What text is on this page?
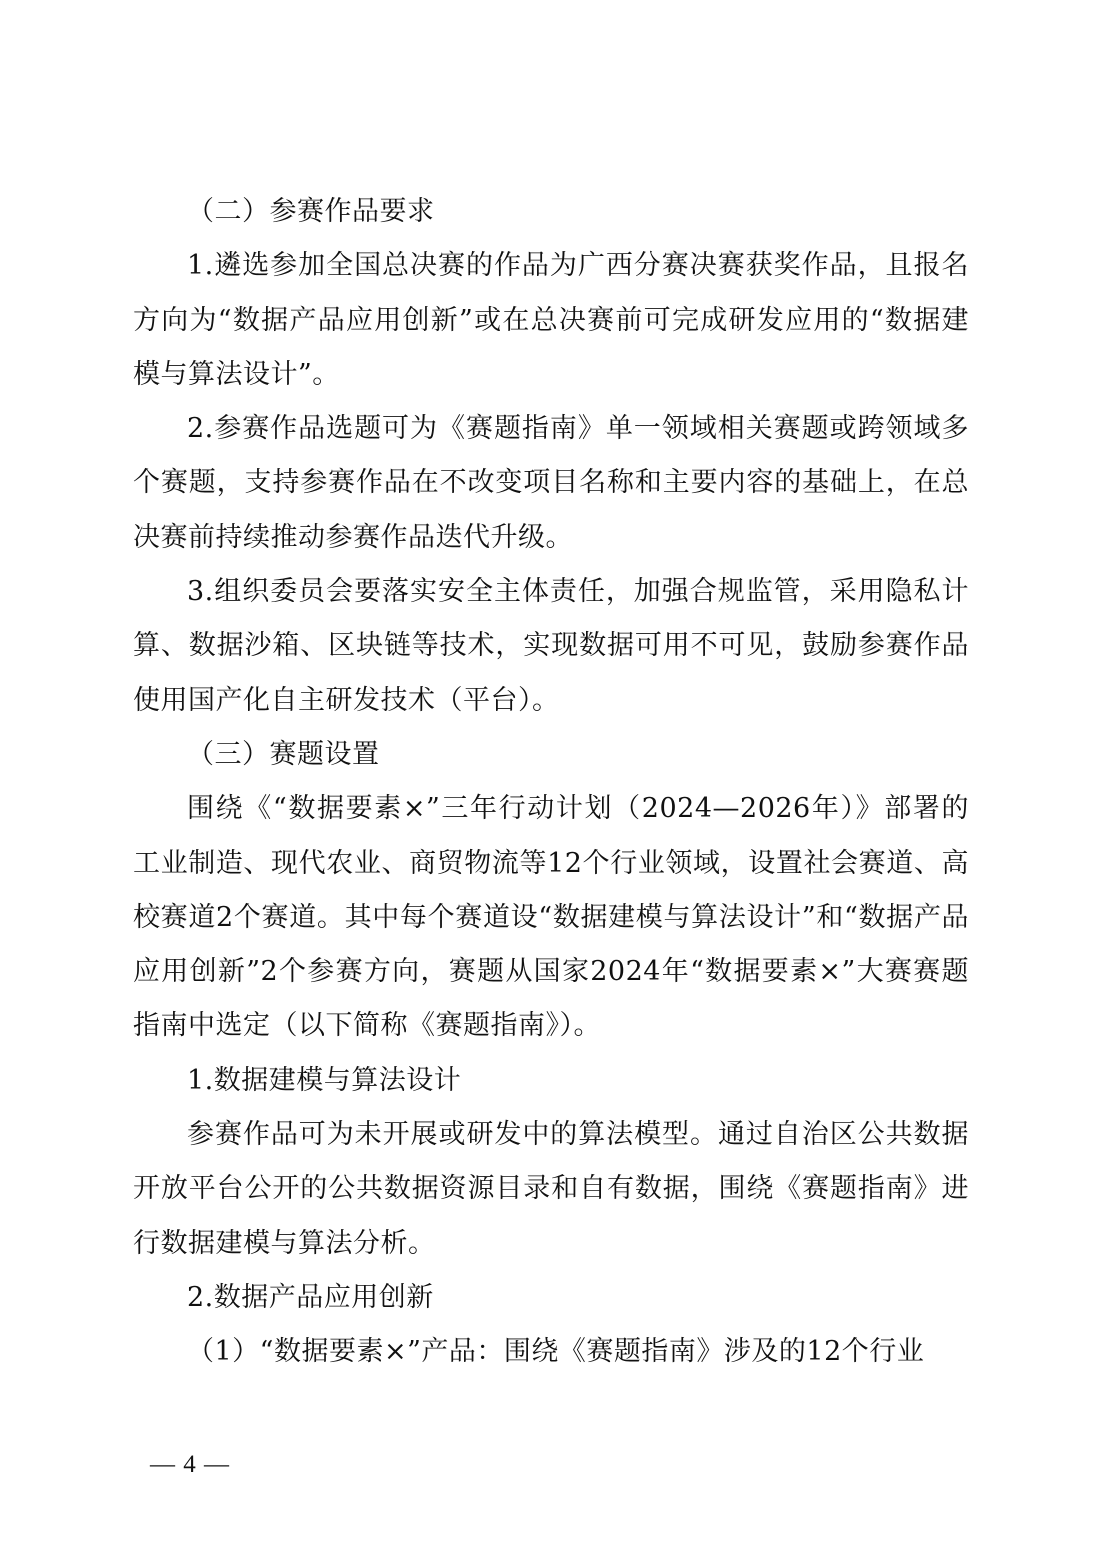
（二）参赛作品要求

1.遴选参加全国总决赛的作品为广西分赛决赛获奖作品，且报名方向为“数据产品应用创新”或在总决赛前可完成研发应用的“数据建模与算法设计”。

2.参赛作品选题可为《赛题指南》单一领域相关赛题或跨领域多个赛题，支持参赛作品在不改变项目名称和主要内容的基础上，在总决赛前持续推动参赛作品迭代升级。

3.组织委员会要落实安全主体责任，加强合规监管，采用隐私计算、数据沙箱、区块链等技术，实现数据可用不可见，鼓励参赛作品使用国产化自主研发技术（平台）。

（三）赛题设置

围绕《“数据要素×”三年行动计划（2024—2026年）》部署的工业制造、现代农业、商贸物流等12个行业领域，设置社会赛道、高校赛道2个赛道。其中每个赛道设“数据建模与算法设计”和“数据产品应用创新”2个参赛方向，赛题从国家2024年“数据要素×”大赛赛题指南中选定（以下简称《赛题指南》）。

1.数据建模与算法设计

参赛作品可为未开展或研发中的算法模型。通过自治区公共数据开放平台公开的公共数据资源目录和自有数据，围绕《赛题指南》进行数据建模与算法分析。

2.数据产品应用创新

（1）“数据要素×”产品：围绕《赛题指南》涉及的12个行业

— 4 —
